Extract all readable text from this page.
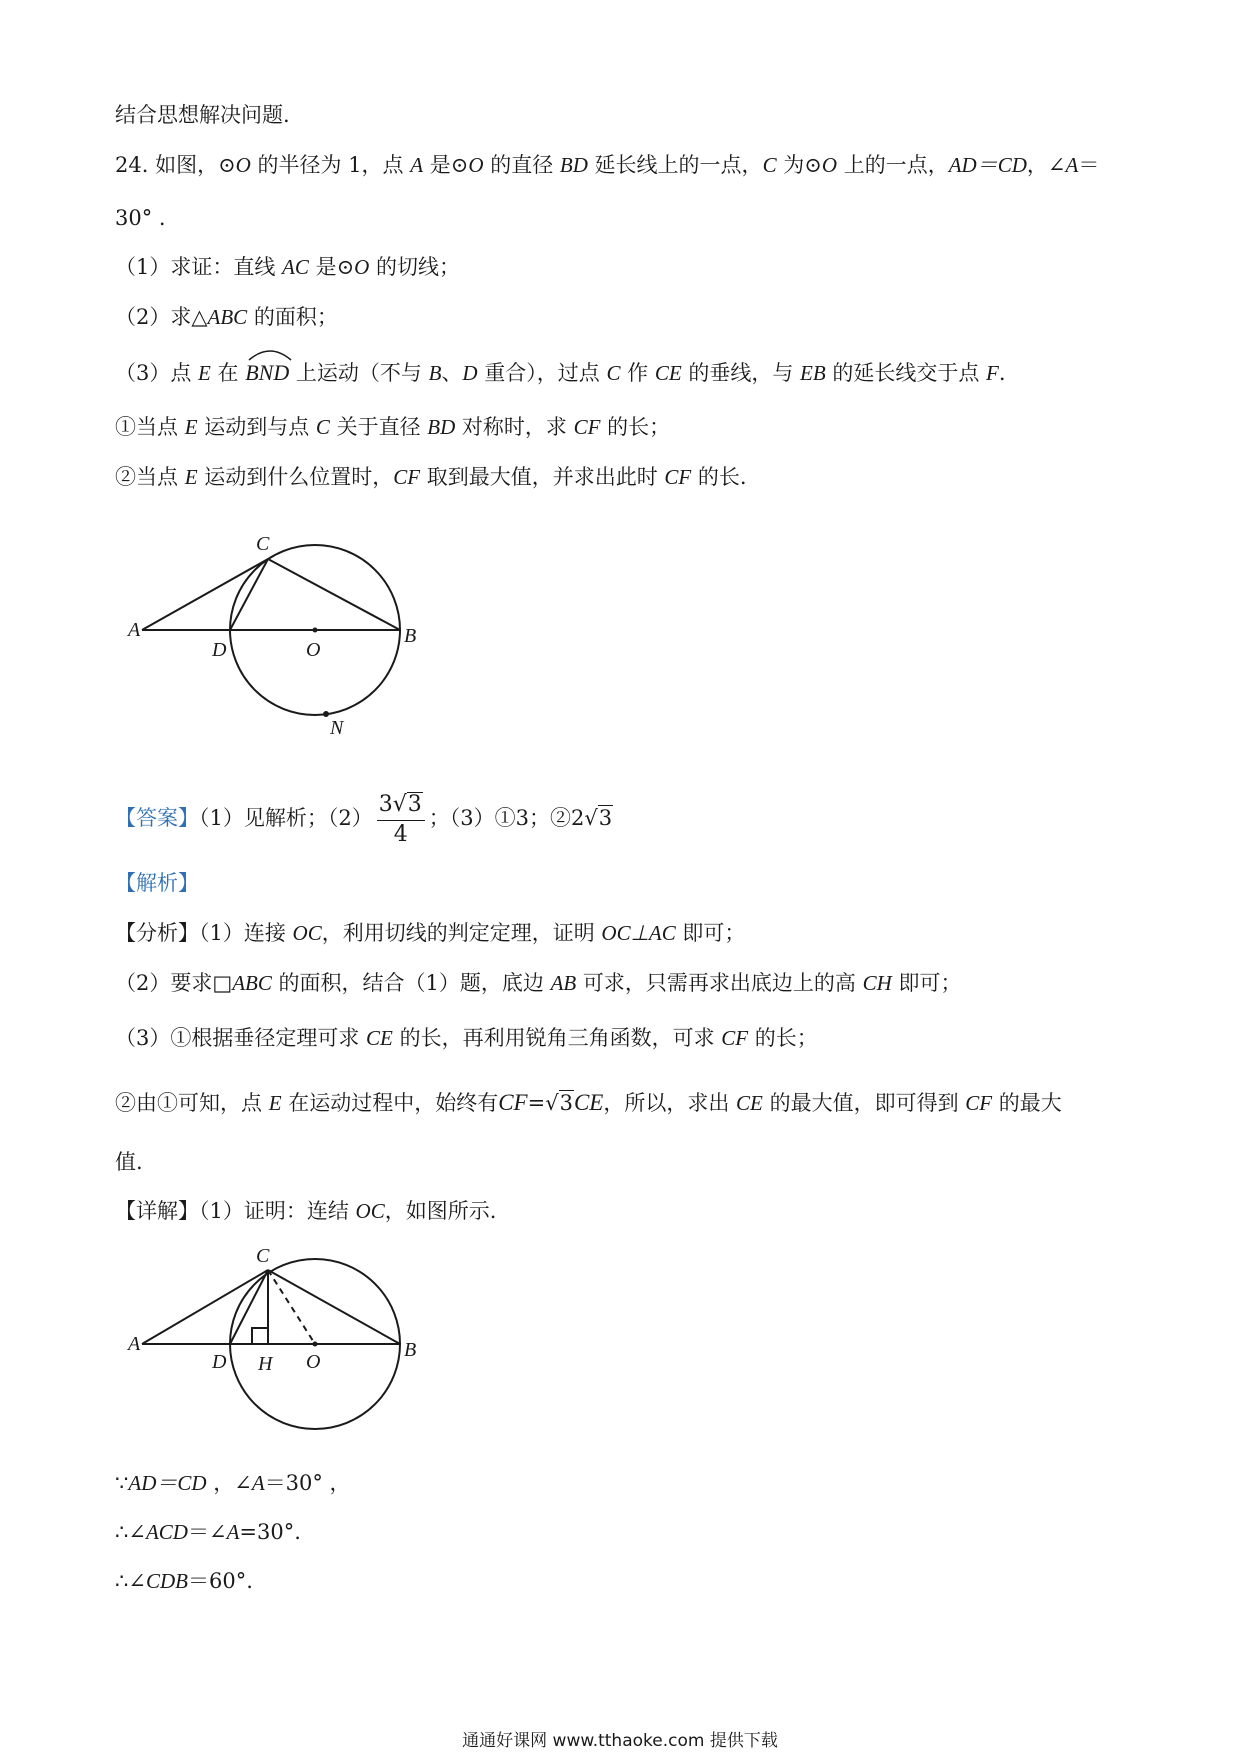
结合思想解决问题.
24. 如图，⊙O 的半径为 1，点 A 是⊙O 的直径 BD 延长线上的一点，C 为⊙O 上的一点，AD＝CD，∠A＝
30° .
（1）求证：直线 AC 是⊙O 的切线；
（2）求△ABC 的面积；
（3）点 E 在
BND 上运动（不与 B、D 重合），过点 C 作 CE 的垂线，与 EB 的延长线交于点 F.
①当点 E 运动到与点 C 关于直径 BD 对称时，求 CF 的长；
②当点 E 运动到什么位置时，CF 取到最大值，并求出此时 CF 的长.
C
A
D	O
B
N
【答案】（1）见解析；$(2) \frac{3√3}{4}$ ；（3）①3；②2√3
【解析】
【分析】（1）连接 OC，利用切线的判定定理，证明 OC⊥AC 即可；
（2）要求□ABC 的面积，结合（1）题，底边 AB 可求，只需再求出底边上的高 CH 即可；
（3）①根据垂径定理可求 CE 的长，再利用锐角三角函数，可求 CF 的长；
②由①可知，点 E 在运动过程中，始终有CF=√3CE，所以，求出 CE 的最大值，即可得到 CF 的最大
值.
【详解】（1）证明：连结 OC，如图所示.
C
A
D H O
B
∵AD＝CD ，∠A＝30° ，
∴∠ACD＝∠A=30°.
∴∠CDB＝60°.
通通好课网 www.tthaoke.com 提供下载
